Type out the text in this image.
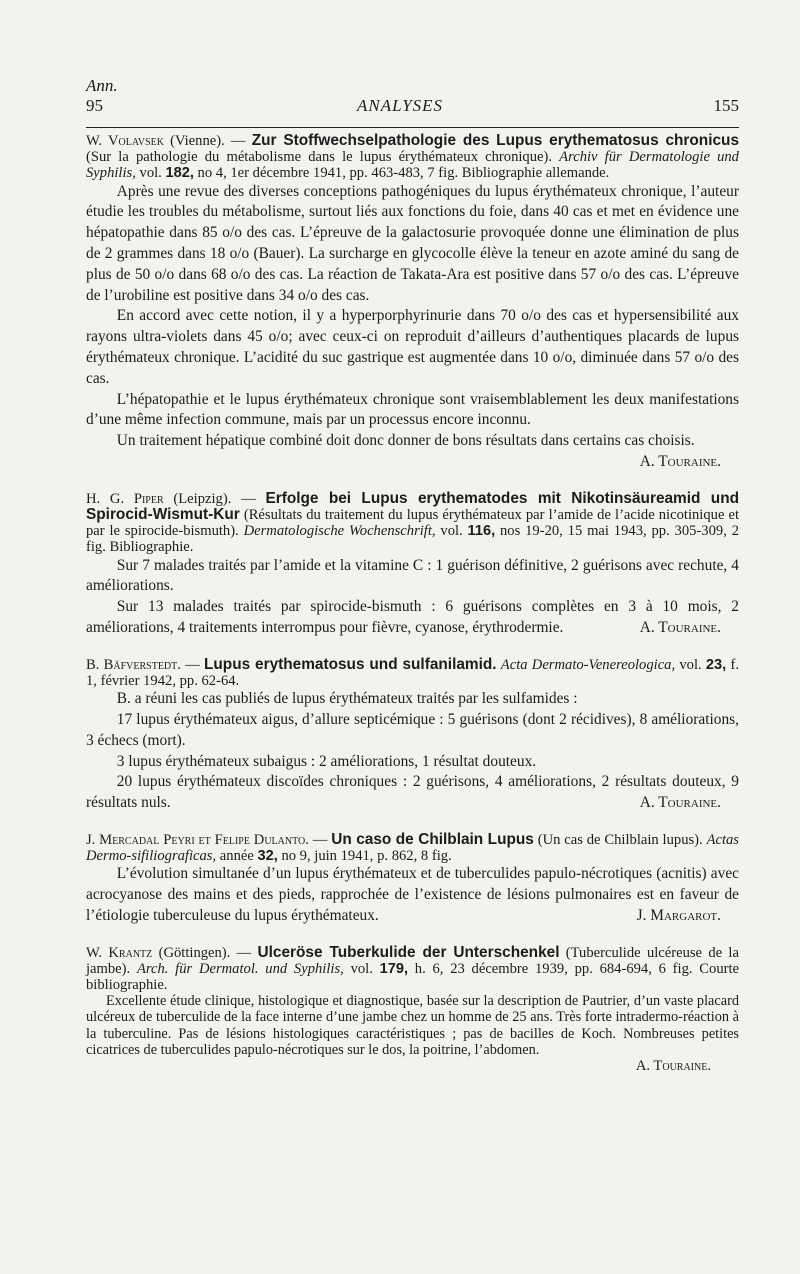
Ann.
95	ANALYSES	155

W. Volavsek (Vienne). — Zur Stoffwechselpathologie des Lupus erythematosus chronicus (Sur la pathologie du métabolisme dans le lupus érythémateux chronique). Archiv für Dermatologie und Syphilis, vol. 182, no 4, 1er décembre 1941, pp. 463-483, 7 fig. Bibliographie allemande.

Après une revue des diverses conceptions pathogéniques du lupus érythémateux chronique, l’auteur étudie les troubles du métabolisme, surtout liés aux fonctions du foie, dans 40 cas et met en évidence une hépatopathie dans 85 o/o des cas. L’épreuve de la galactosurie provoquée donne une élimination de plus de 2 grammes dans 18 o/o (Bauer). La surcharge en glycocolle élève la teneur en azote aminé du sang de plus de 50 o/o dans 68 o/o des cas. La réaction de Takata-Ara est positive dans 57 o/o des cas. L’épreuve de l’urobiline est positive dans 34 o/o des cas.

En accord avec cette notion, il y a hyperporphyrinurie dans 70 o/o des cas et hypersensibilité aux rayons ultra-violets dans 45 o/o; avec ceux-ci on reproduit d’ailleurs d’authentiques placards de lupus érythémateux chronique. L’acidité du suc gastrique est augmentée dans 10 o/o, diminuée dans 57 o/o des cas.

L’hépatopathie et le lupus érythémateux chronique sont vraisemblablement les deux manifestations d’une même infection commune, mais par un processus encore inconnu.

Un traitement hépatique combiné doit donc donner de bons résultats dans certains cas choisis.
A. Touraine.

H. G. Piper (Leipzig). — Erfolge bei Lupus erythematodes mit Nikotinsäureamid und Spirocid-Wismut-Kur (Résultats du traitement du lupus érythémateux par l’amide de l’acide nicotinique et par le spirocide-bismuth). Dermatologische Wochenschrift, vol. 116, nos 19-20, 15 mai 1943, pp. 305-309, 2 fig. Bibliographie.

Sur 7 malades traités par l’amide et la vitamine C : 1 guérison définitive, 2 guérisons avec rechute, 4 améliorations.

Sur 13 malades traités par spirocide-bismuth : 6 guérisons complètes en 3 à 10 mois, 2 améliorations, 4 traitements interrompus pour fièvre, cyanose, érythrodermie.	A. Touraine.

B. Bäfverstedt. — Lupus erythematosus und sulfanilamid. Acta Dermato-Venereologica, vol. 23, f. 1, février 1942, pp. 62-64.

B. a réuni les cas publiés de lupus érythémateux traités par les sulfamides :

17 lupus érythémateux aigus, d’allure septicémique : 5 guérisons (dont 2 récidives), 8 améliorations, 3 échecs (mort).

3 lupus érythémateux subaigus : 2 améliorations, 1 résultat douteux.

20 lupus érythémateux discoïdes chroniques : 2 guérisons, 4 améliorations, 2 résultats douteux, 9 résultats nuls.	A. Touraine.

J. Mercadal Peyri et Felipe Dulanto. — Un caso de Chilblain Lupus (Un cas de Chilblain lupus). Actas Dermo-sifiliograficas, année 32, no 9, juin 1941, p. 862, 8 fig.

L’évolution simultanée d’un lupus érythémateux et de tuberculides papulo-nécrotiques (acnitis) avec acrocyanose des mains et des pieds, rapprochée de l’existence de lésions pulmonaires est en faveur de l’étiologie tuberculeuse du lupus érythémateux.	J. Margarot.

W. Krantz (Göttingen). — Ulceröse Tuberkulide der Unterschenkel (Tuberculide ulcéreuse de la jambe). Arch. für Dermatol. und Syphilis, vol. 179, h. 6, 23 décembre 1939, pp. 684-694, 6 fig. Courte bibliographie.

Excellente étude clinique, histologique et diagnostique, basée sur la description de Pautrier, d’un vaste placard ulcéreux de tuberculide de la face interne d’une jambe chez un homme de 25 ans. Très forte intradermo-réaction à la tuberculine. Pas de lésions histologiques caractéristiques ; pas de bacilles de Koch. Nombreuses petites cicatrices de tuberculides papulo-nécrotiques sur le dos, la poitrine, l’abdomen.

A. Touraine.
